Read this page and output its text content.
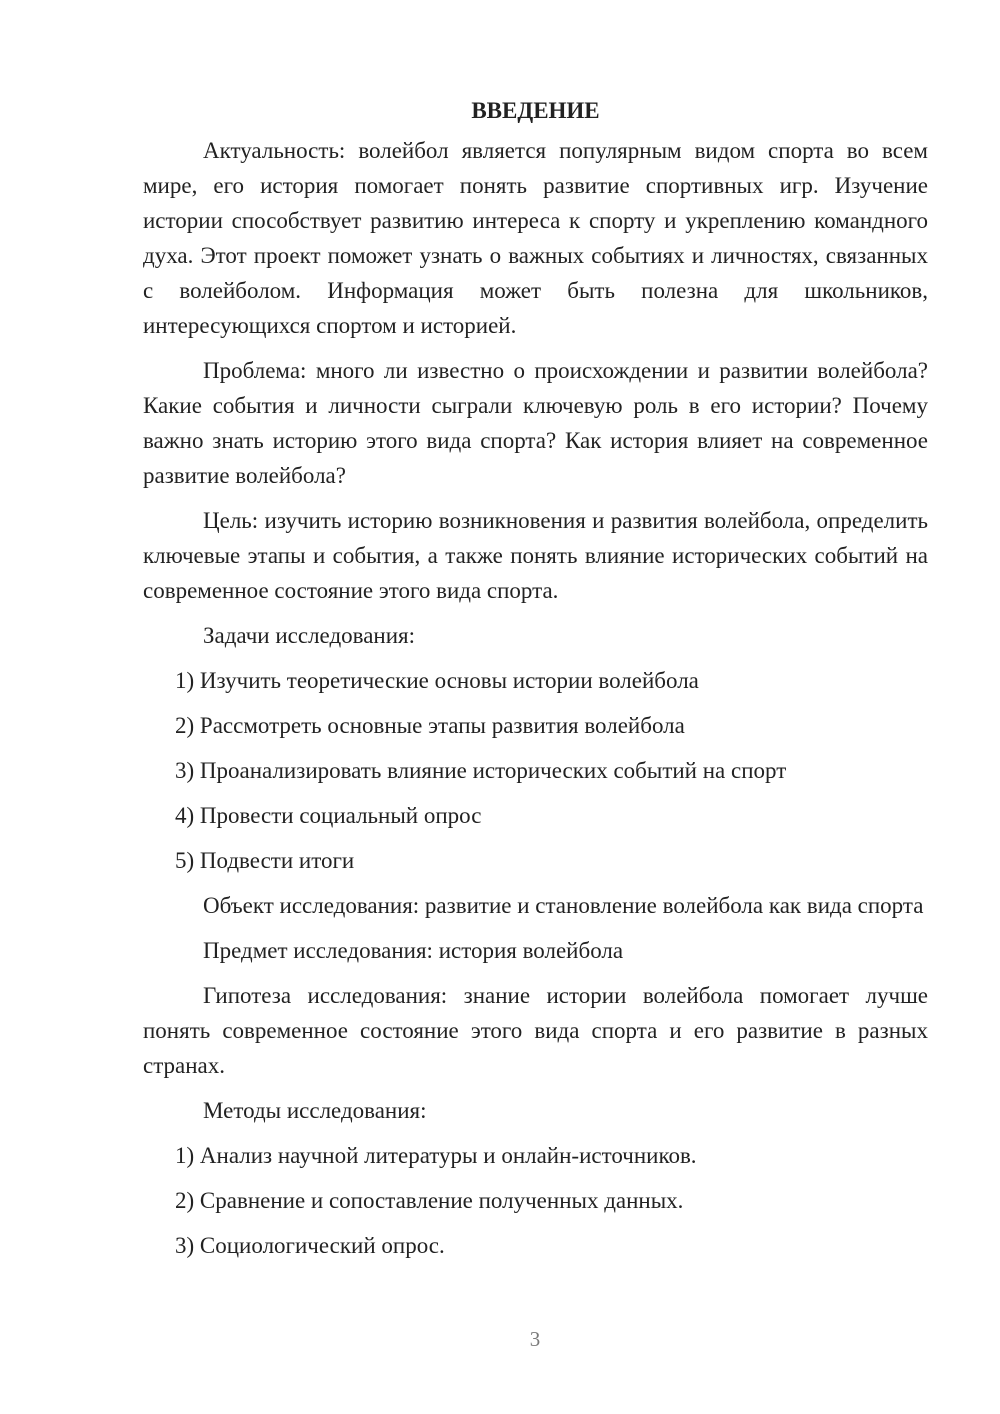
ВВЕДЕНИЕ

Актуальность: волейбол является популярным видом спорта во всем мире, его история помогает понять развитие спортивных игр. Изучение истории способствует развитию интереса к спорту и укреплению командного духа. Этот проект поможет узнать о важных событиях и личностях, связанных с волейболом. Информация может быть полезна для школьников, интересующихся спортом и историей.

Проблема: много ли известно о происхождении и развитии волейбола? Какие события и личности сыграли ключевую роль в его истории? Почему важно знать историю этого вида спорта? Как история влияет на современное развитие волейбола?

Цель: изучить историю возникновения и развития волейбола, определить ключевые этапы и события, а также понять влияние исторических событий на современное состояние этого вида спорта.

Задачи исследования:

1) Изучить теоретические основы истории волейбола
2) Рассмотреть основные этапы развития волейбола
3) Проанализировать влияние исторических событий на спорт
4) Провести социальный опрос
5) Подвести итоги

Объект исследования: развитие и становление волейбола как вида спорта

Предмет исследования: история волейбола

Гипотеза исследования: знание истории волейбола помогает лучше понять современное состояние этого вида спорта и его развитие в разных странах.

Методы исследования:

1) Анализ научной литературы и онлайн-источников.
2) Сравнение и сопоставление полученных данных.
3) Социологический опрос.
3
